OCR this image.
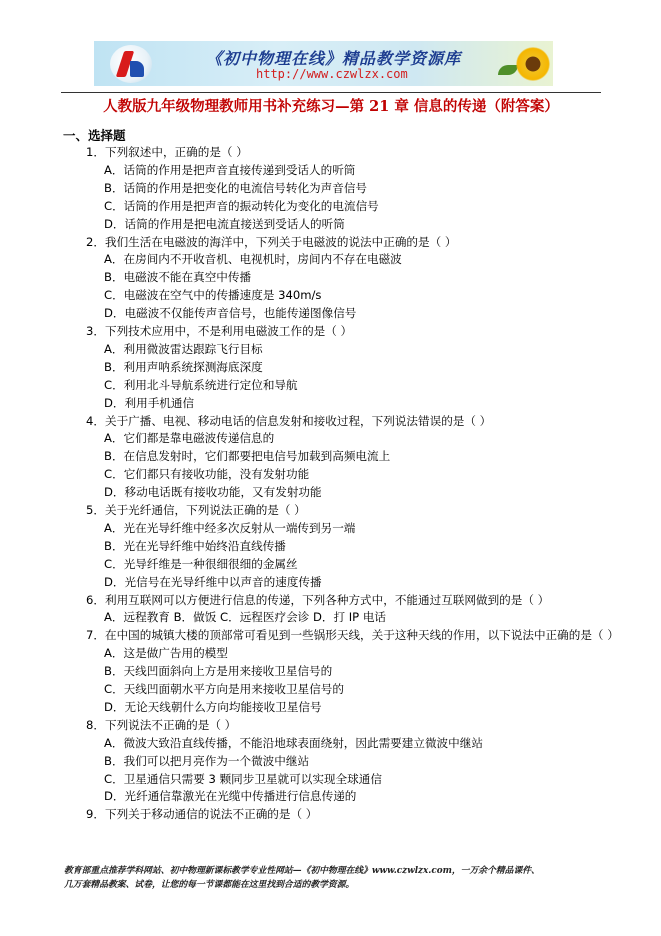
《初中物理在线》精品教学资源库
http://www.czwlzx.com
人教版九年级物理教师用书补充练习—第 21 章 信息的传递（附答案）
一、选择题
1．下列叙述中，正确的是（ ）
A．话筒的作用是把声音直接传递到受话人的听筒
B．话筒的作用是把变化的电流信号转化为声音信号
C．话筒的作用是把声音的振动转化为变化的电流信号
D．话筒的作用是把电流直接送到受话人的听筒
2．我们生活在电磁波的海洋中，下列关于电磁波的说法中正确的是（ ）
A．在房间内不开收音机、电视机时，房间内不存在电磁波
B．电磁波不能在真空中传播
C．电磁波在空气中的传播速度是 340m/s
D．电磁波不仅能传声音信号，也能传递图像信号
3．下列技术应用中，不是利用电磁波工作的是（ ）
A．利用微波雷达跟踪飞行目标
B．利用声呐系统探测海底深度
C．利用北斗导航系统进行定位和导航
D．利用手机通信
4．关于广播、电视、移动电话的信息发射和接收过程，下列说法错误的是（ ）
A．它们都是靠电磁波传递信息的
B．在信息发射时，它们都要把电信号加载到高频电流上
C．它们都只有接收功能，没有发射功能
D．移动电话既有接收功能，又有发射功能
5．关于光纤通信，下列说法正确的是（ ）
A．光在光导纤维中经多次反射从一端传到另一端
B．光在光导纤维中始终沿直线传播
C．光导纤维是一种很细很细的金属丝
D．光信号在光导纤维中以声音的速度传播
6．利用互联网可以方便进行信息的传递，下列各种方式中，不能通过互联网做到的是（ ）
A．远程教育 B．做饭 C．远程医疗会诊 D．打 IP 电话
7．在中国的城镇大楼的顶部常可看见到一些锅形天线，关于这种天线的作用，以下说法中正确的是（ ）
A．这是做广告用的模型
B．天线凹面斜向上方是用来接收卫星信号的
C．天线凹面朝水平方向是用来接收卫星信号的
D．无论天线朝什么方向均能接收卫星信号
8．下列说法不正确的是（ ）
A．微波大致沿直线传播，不能沿地球表面绕射，因此需要建立微波中继站
B．我们可以把月亮作为一个微波中继站
C．卫星通信只需要 3 颗同步卫星就可以实现全球通信
D．光纤通信靠激光在光缆中传播进行信息传递的
9．下列关于移动通信的说法不正确的是（ ）
教育部重点推荐学科网站、初中物理新课标教学专业性网站—《初中物理在线》www.czwlzx.com，一万余个精品课件、
几万套精品教案、试卷，让您的每一节课都能在这里找到合适的教学资源。
